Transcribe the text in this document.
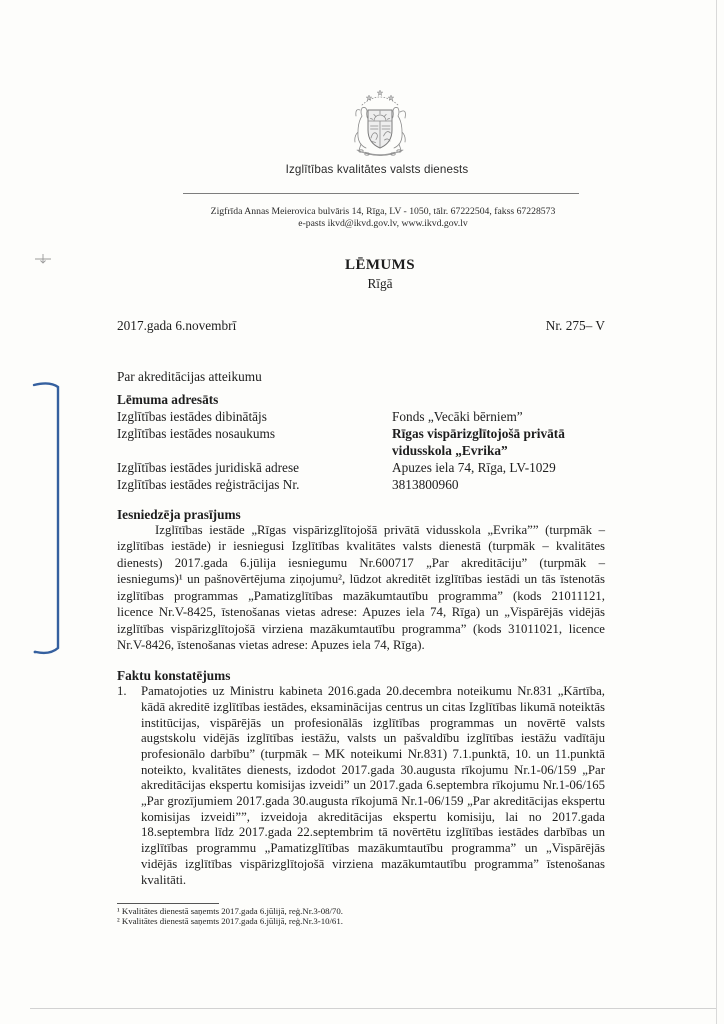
Izglītības kvalitātes valsts dienests
Zigfrīda Annas Meierovica bulvāris 14, Rīga, LV - 1050, tālr. 67222504, fakss 67228573
e-pasts ikvd@ikvd.gov.lv, www.ikvd.gov.lv
LĒMUMS
Rīgā
2017.gada 6.novembrī	Nr. 275– V
Par akreditācijas atteikumu
Lēmuma adresāts
Izglītības iestādes dibinātājs
Izglītības iestādes nosaukums
Izglītības iestādes juridiskā adrese
Izglītības iestādes reģistrācijas Nr.
Fonds „Vecāki bērniem”
Rīgas vispārizglītojošā privātā
vidusskola „Evrika”
Apuzes iela 74, Rīga, LV-1029
3813800960
Iesniedzēja prasījums
Izglītības iestāde „Rīgas vispārizglītojošā privātā vidusskola „Evrika”” (turpmāk –
izglītības iestāde) ir iesniegusi Izglītības kvalitātes valsts dienestā (turpmāk – kvalitātes
dienests) 2017.gada 6.jūlija iesniegumu Nr.600717 „Par akreditāciju” (turpmāk –
iesniegums)¹ un pašnovērtējuma ziņojumu², lūdzot akreditēt izglītības iestādi un tās īstenotās
izglītības programmas „Pamatizglītības mazākumtautību programma” (kods 21011121,
licence Nr.V-8425, īstenošanas vietas adrese: Apuzes iela 74, Rīga) un „Vispārējās vidējās
izglītības vispārizglītojošā virziena mazākumtautību programma” (kods 31011021, licence
Nr.V-8426, īstenošanas vietas adrese: Apuzes iela 74, Rīga).
Faktu konstatējums
1. Pamatojoties uz Ministru kabineta 2016.gada 20.decembra noteikumu Nr.831 „Kārtība,
kādā akreditē izglītības iestādes, eksaminācijas centrus un citas Izglītības likumā noteiktās
institūcijas, vispārējās un profesionālās izglītības programmas un novērtē valsts
augstskolu vidējās izglītības iestāžu, valsts un pašvaldību izglītības iestāžu vadītāju
profesionālo darbību” (turpmāk – MK noteikumi Nr.831) 7.1.punktā, 10. un 11.punktā
noteikto, kvalitātes dienests, izdodot 2017.gada 30.augusta rīkojumu Nr.1-06/159 „Par
akreditācijas ekspertu komisijas izveidi” un 2017.gada 6.septembra rīkojumu Nr.1-06/165
„Par grozījumiem 2017.gada 30.augusta rīkojumā Nr.1-06/159 „Par akreditācijas ekspertu
komisijas izveidi””, izveidoja akreditācijas ekspertu komisiju, lai no 2017.gada
18.septembra līdz 2017.gada 22.septembrim tā novērtētu izglītības iestādes darbības un
izglītības programmu „Pamatizglītības mazākumtautību programma” un „Vispārējās
vidējās izglītības vispārizglītojošā virziena mazākumtautību programma” īstenošanas
kvalitāti.
¹ Kvalitātes dienestā saņemts 2017.gada 6.jūlijā, reģ.Nr.3-08/70.
² Kvalitātes dienestā saņemts 2017.gada 6.jūlijā, reģ.Nr.3-10/61.
